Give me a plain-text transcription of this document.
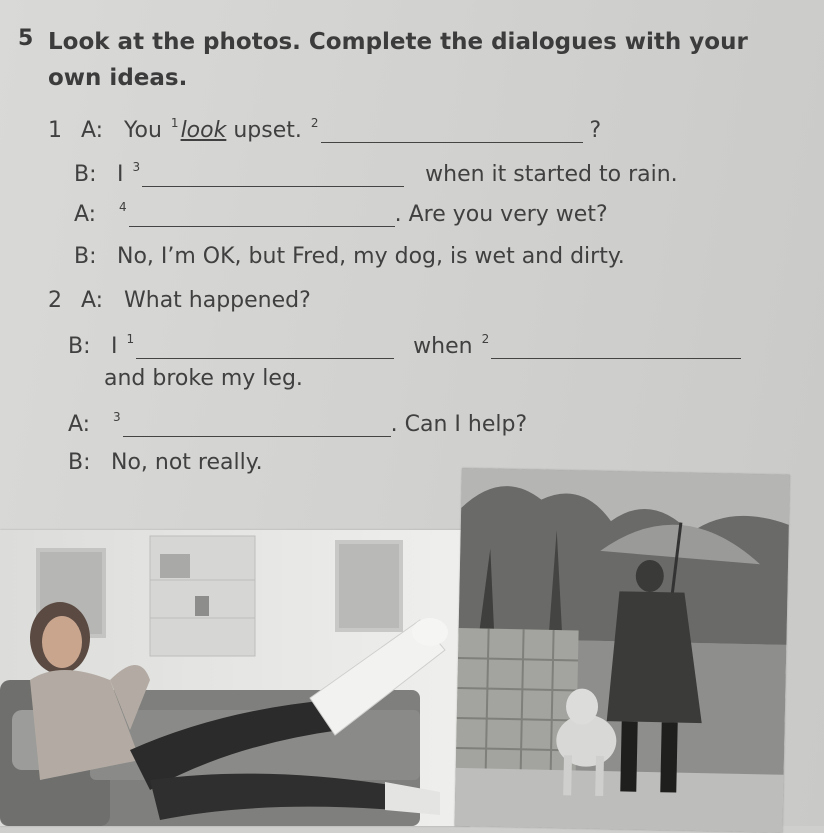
5 Look at the photos. Complete the dialogues with your own ideas.
1 A: You $^1$look upset. $^2$	?
B: I $^3$	when it started to rain.
A: $^4$	. Are you very wet?
B: No, I’m OK, but Fred, my dog, is wet and dirty.
2 A: What happened?
B: I $^1$	when $^2$
and broke my leg.
A: $^3$	. Can I help?
B: No, not really.
